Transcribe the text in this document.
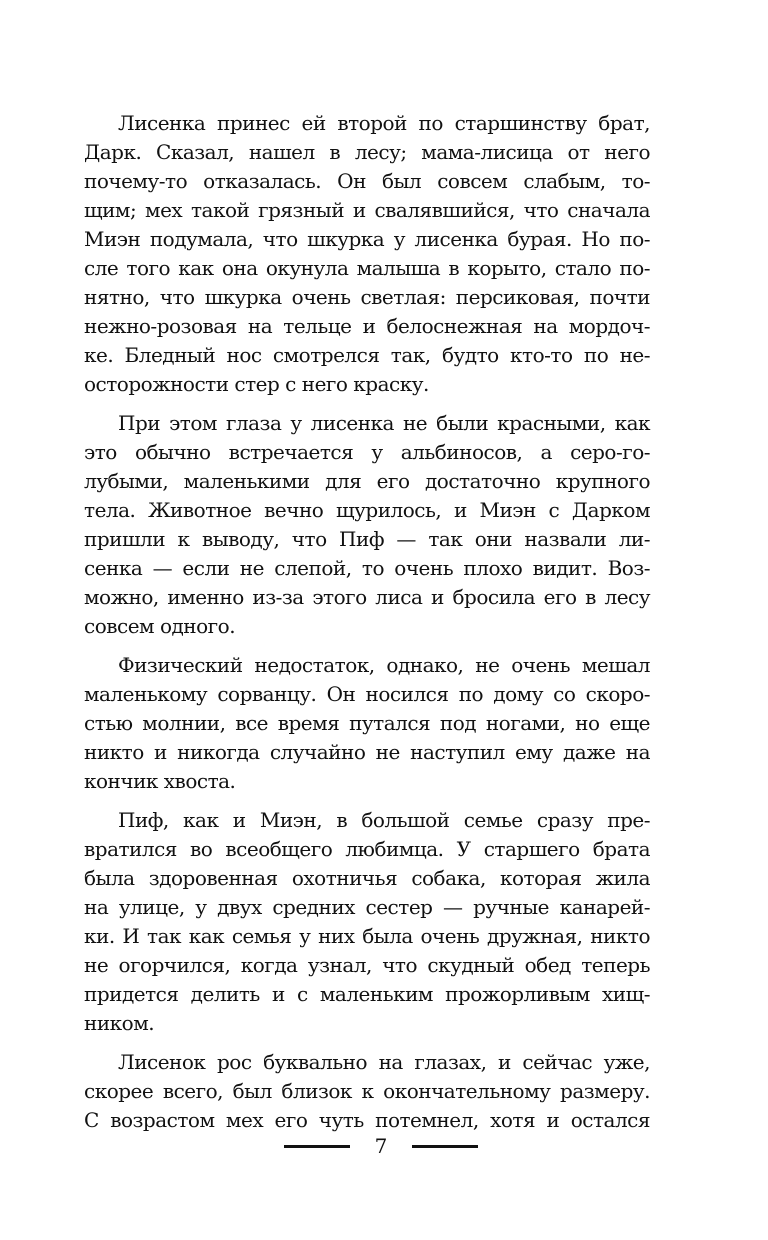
Лисенка принес ей второй по старшинству брат,
Дарк. Сказал, нашел в лесу; мама-лисица от него
почему-то отказалась. Он был совсем слабым, то-
щим; мех такой грязный и свалявшийся, что сначала
Миэн подумала, что шкурка у лисенка бурая. Но по-
сле того как она окунула малыша в корыто, стало по-
нятно, что шкурка очень светлая: персиковая, почти
нежно-розовая на тельце и белоснежная на мордоч-
ке. Бледный нос смотрелся так, будто кто-то по не-
осторожности стер с него краску.
При этом глаза у лисенка не были красными, как
это обычно встречается у альбиносов, а серо-го-
лубыми, маленькими для его достаточно крупного
тела. Животное вечно щурилось, и Миэн с Дарком
пришли к выводу, что Пиф — так они назвали ли-
сенка — если не слепой, то очень плохо видит. Воз-
можно, именно из-за этого лиса и бросила его в лесу
совсем одного.
Физический недостаток, однако, не очень мешал
маленькому сорванцу. Он носился по дому со скоро-
стью молнии, все время путался под ногами, но еще
никто и никогда случайно не наступил ему даже на
кончик хвоста.
Пиф, как и Миэн, в большой семье сразу пре-
вратился во всеобщего любимца. У старшего брата
была здоровенная охотничья собака, которая жила
на улице, у двух средних сестер — ручные канарей-
ки. И так как семья у них была очень дружная, никто
не огорчился, когда узнал, что скудный обед теперь
придется делить и с маленьким прожорливым хищ-
ником.
Лисенок рос буквально на глазах, и сейчас уже,
скорее всего, был близок к окончательному размеру.
С возрастом мех его чуть потемнел, хотя и остался
7
